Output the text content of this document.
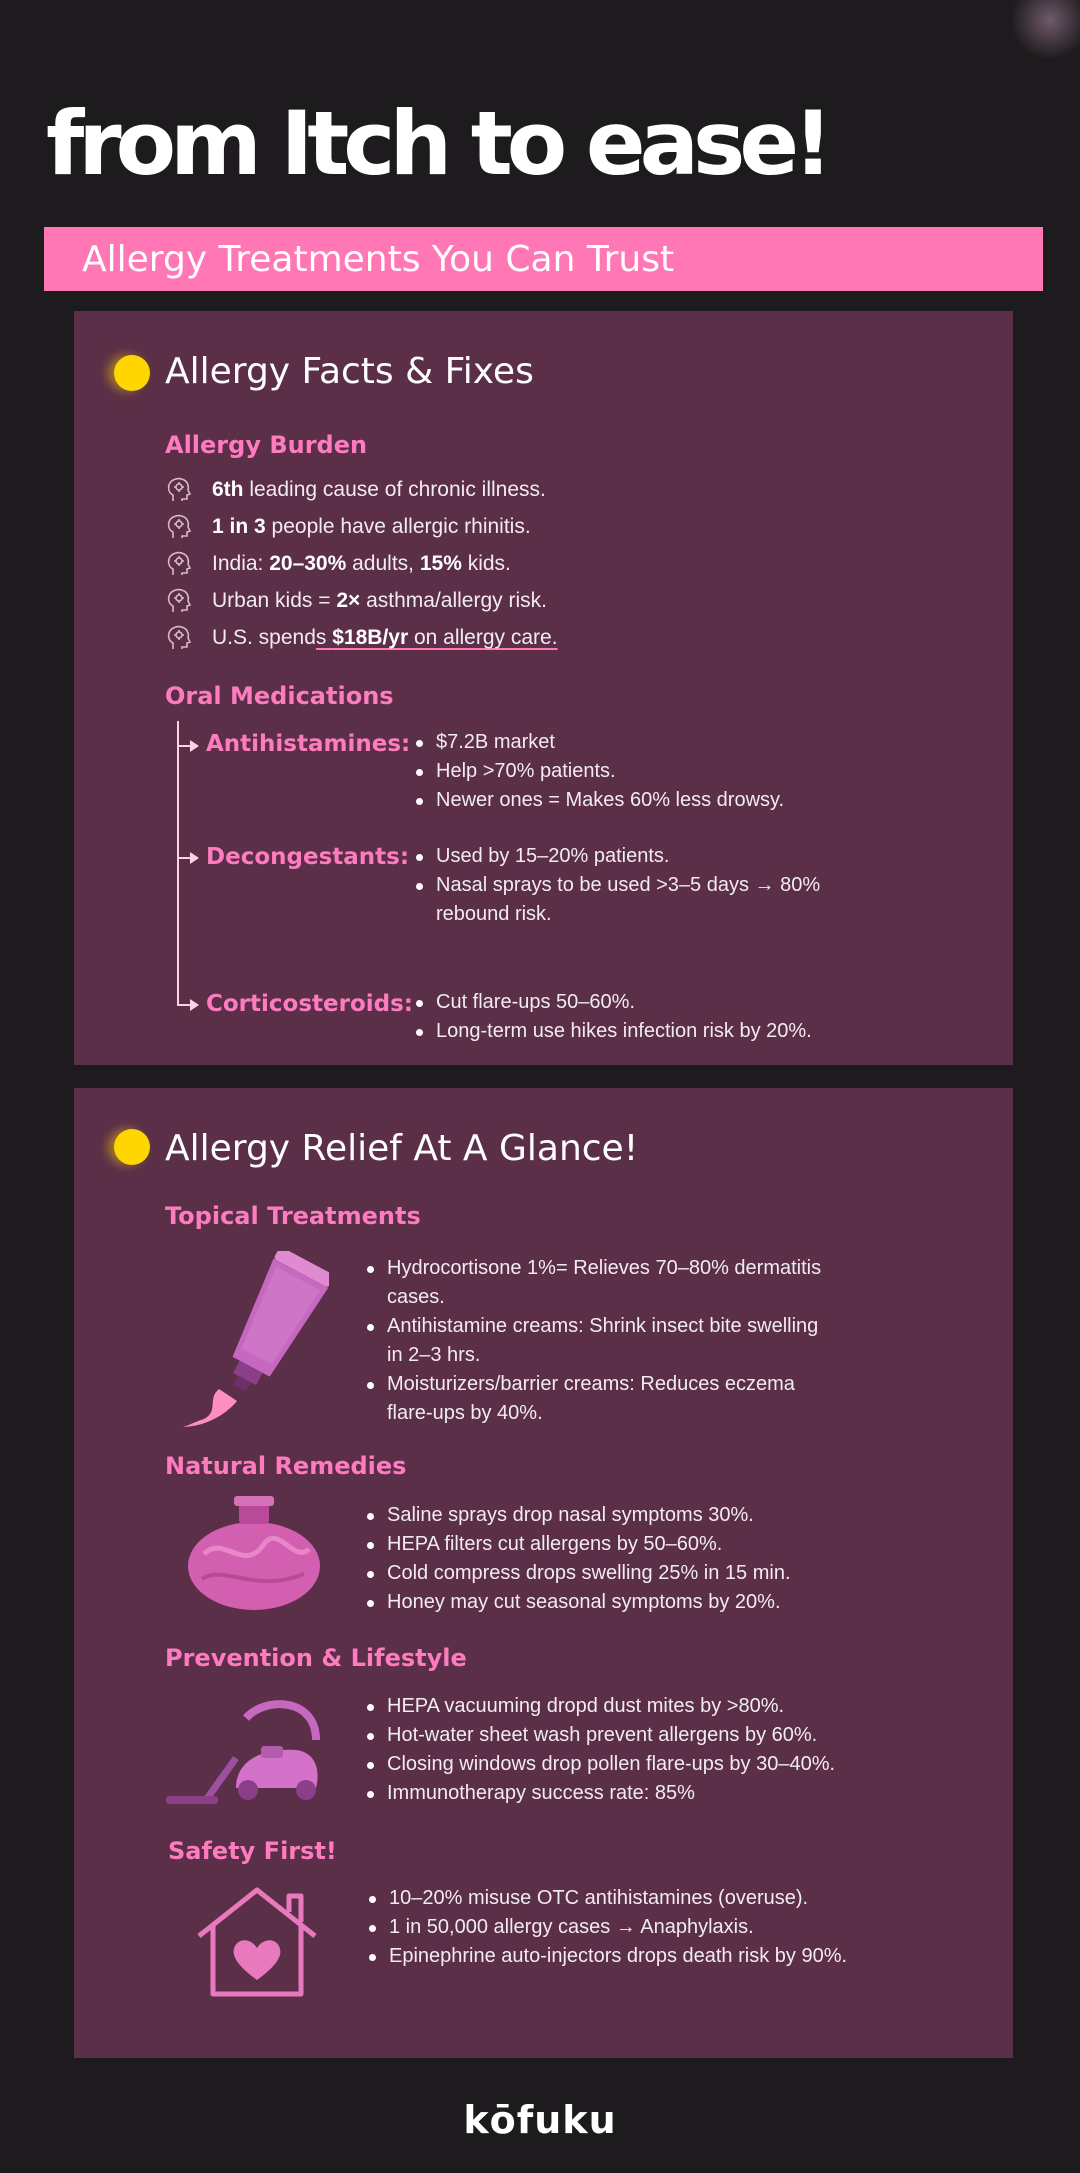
from Itch to ease!
Allergy Treatments You Can Trust
Allergy Facts & Fixes
Allergy Burden
6th leading cause of chronic illness.
1 in 3 people have allergic rhinitis.
India: 20–30% adults, 15% kids.
Urban kids = 2× asthma/allergy risk.
U.S. spends $18B/yr on allergy care.
Oral Medications
Antihistamines:	$7.2B market
Help >70% patients.
Newer ones = Makes 60% less drowsy.
Decongestants:	Used by 15–20% patients.
Nasal sprays to be used >3–5 days → 80% rebound risk.
Corticosteroids:	Cut flare-ups 50–60%.
Long-term use hikes infection risk by 20%.
Allergy Relief At A Glance!
Topical Treatments
Hydrocortisone 1%= Relieves 70–80% dermatitis cases.
Antihistamine creams: Shrink insect bite swelling in 2–3 hrs.
Moisturizers/barrier creams: Reduces eczema flare-ups by 40%.
Natural Remedies
Saline sprays drop nasal symptoms 30%.
HEPA filters cut allergens by 50–60%.
Cold compress drops swelling 25% in 15 min.
Honey may cut seasonal symptoms by 20%.
Prevention & Lifestyle
HEPA vacuuming dropd dust mites by >80%.
Hot-water sheet wash prevent allergens by 60%.
Closing windows drop pollen flare-ups by 30–40%.
Immunotherapy success rate: 85%
Safety First!
10–20% misuse OTC antihistamines (overuse).
1 in 50,000 allergy cases → Anaphylaxis.
Epinephrine auto-injectors drops death risk by 90%.
kōfuku
